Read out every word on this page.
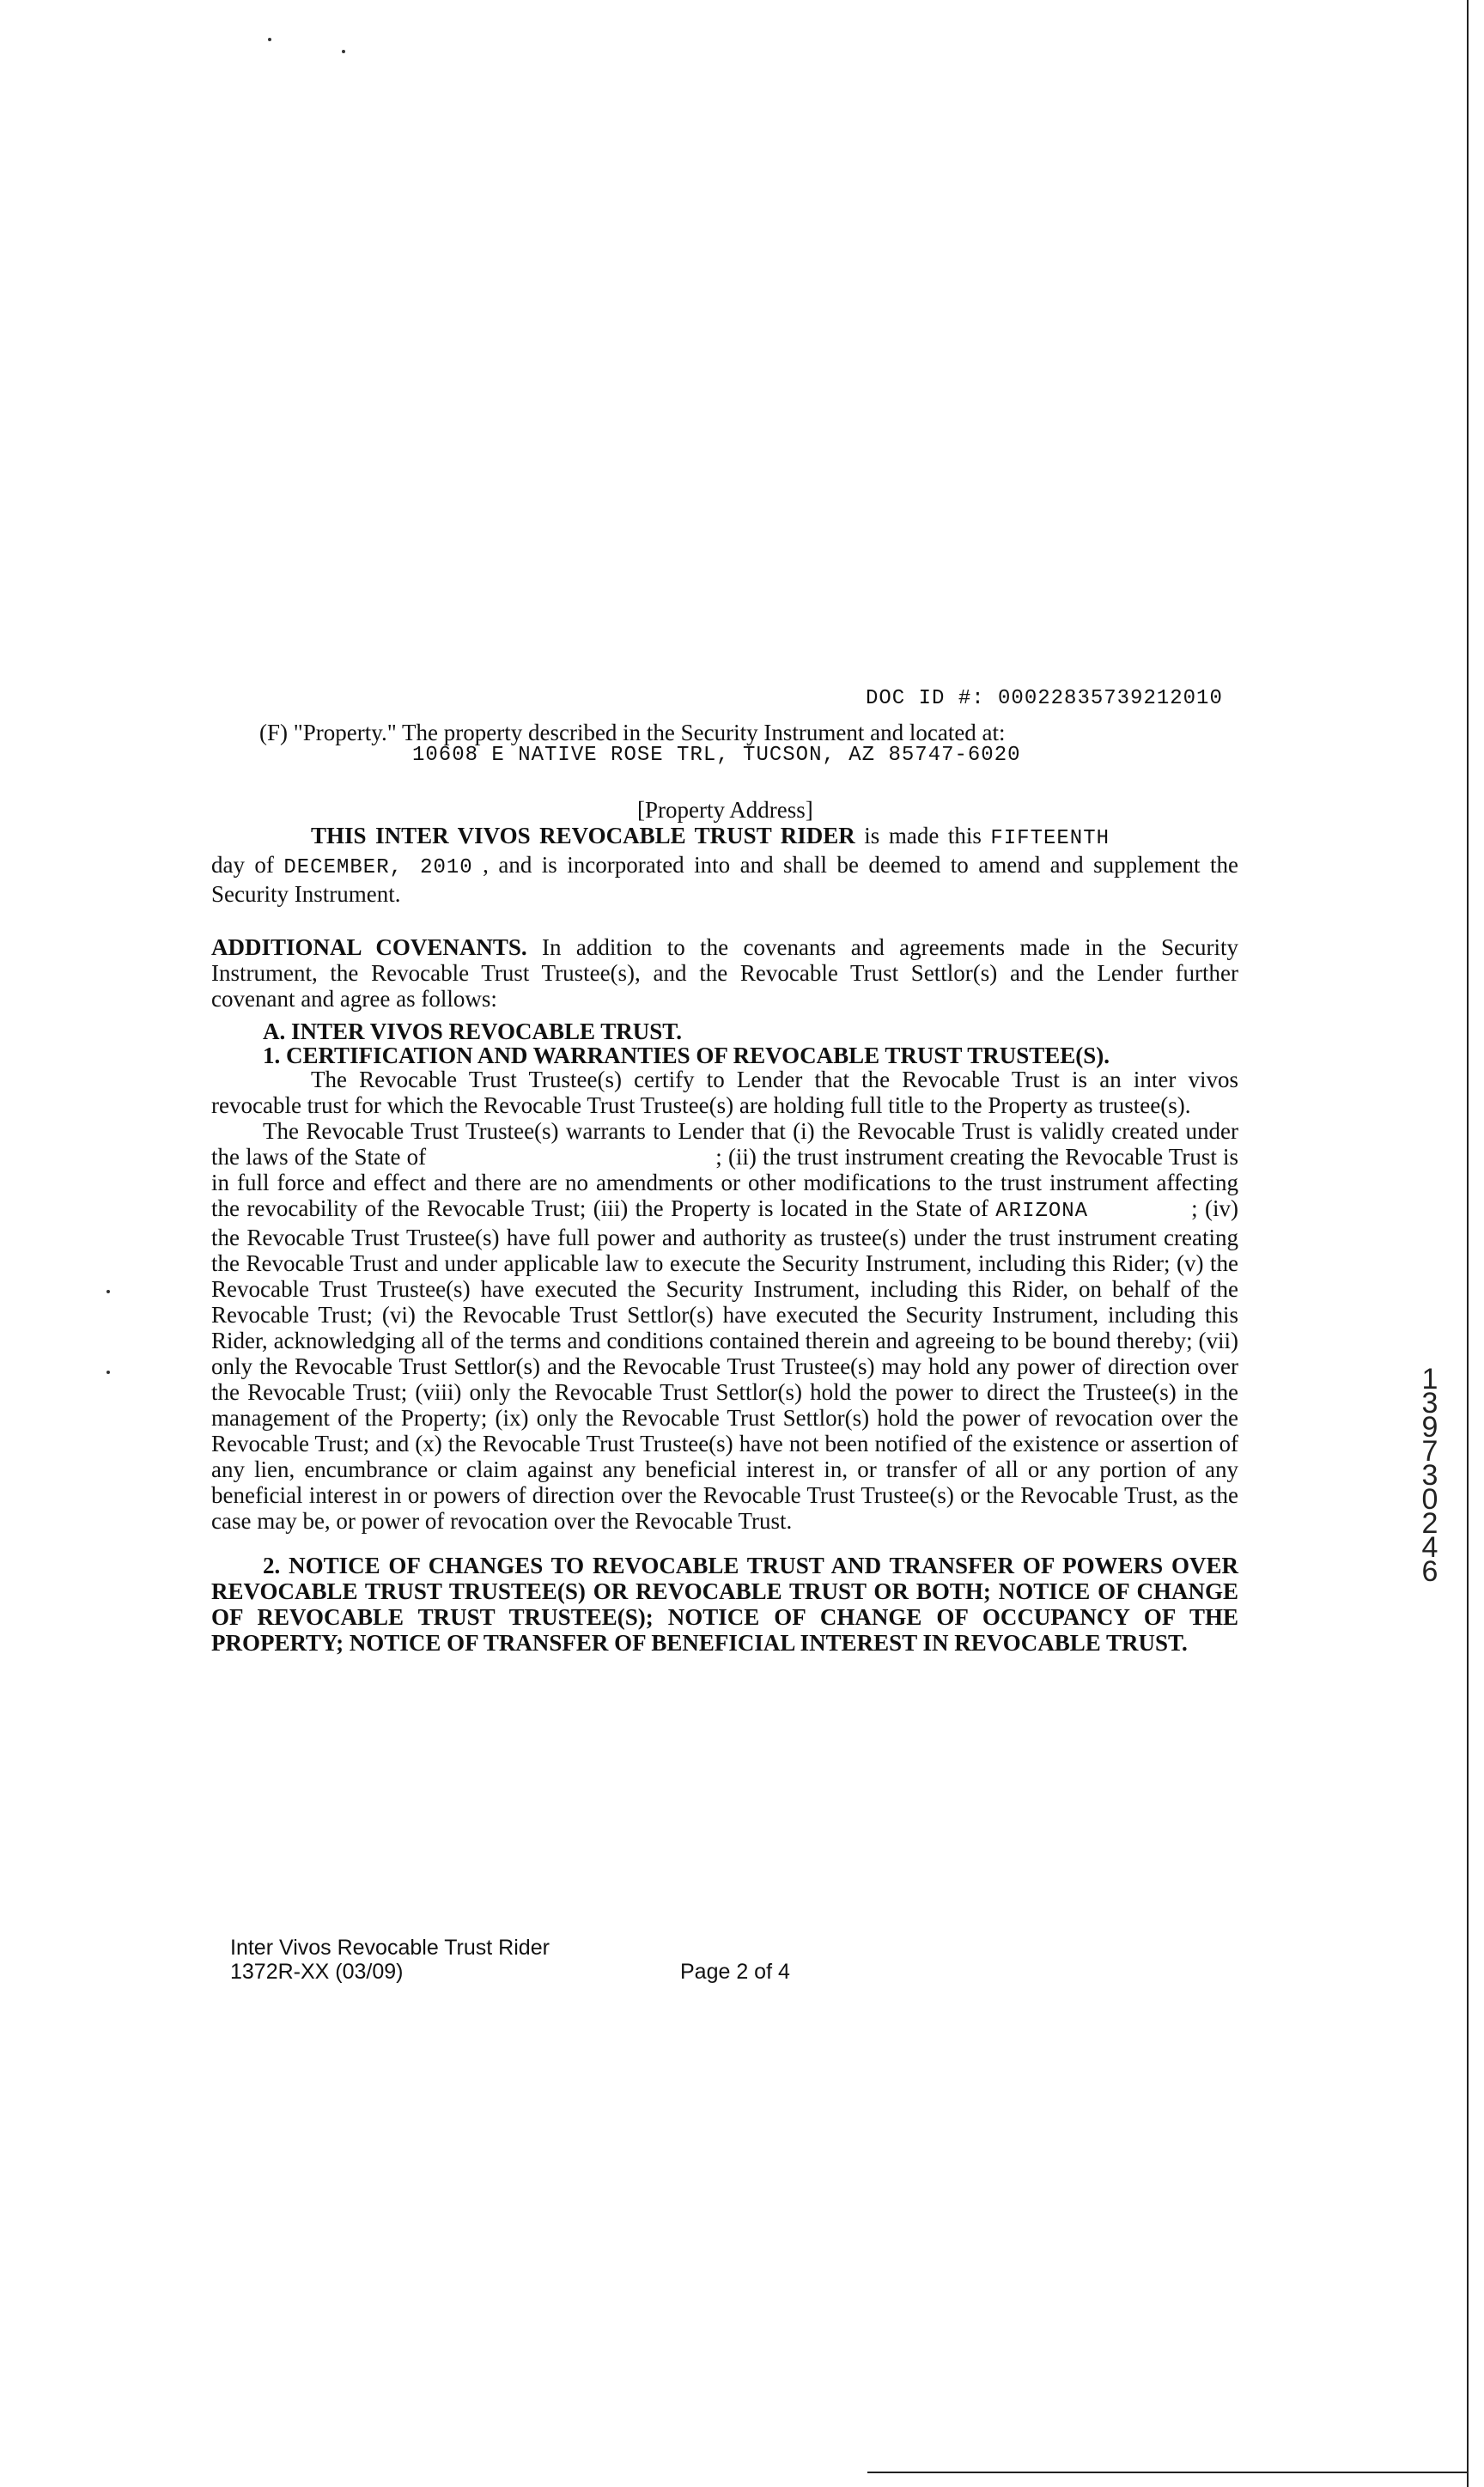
DOC ID #: 00022835739212010
(F) "Property." The property described in the Security Instrument and located at:
10608 E NATIVE ROSE TRL, TUCSON, AZ 85747-6020
[Property Address]
THIS INTER VIVOS REVOCABLE TRUST RIDER is made this FIFTEENTH day of DECEMBER, 2010 , and is incorporated into and shall be deemed to amend and supplement the Security Instrument.
ADDITIONAL COVENANTS. In addition to the covenants and agreements made in the Security Instrument, the Revocable Trust Trustee(s), and the Revocable Trust Settlor(s) and the Lender further covenant and agree as follows:
A. INTER VIVOS REVOCABLE TRUST.
1. CERTIFICATION AND WARRANTIES OF REVOCABLE TRUST TRUSTEE(S).
The Revocable Trust Trustee(s) certify to Lender that the Revocable Trust is an inter vivos revocable trust for which the Revocable Trust Trustee(s) are holding full title to the Property as trustee(s).
The Revocable Trust Trustee(s) warrants to Lender that (i) the Revocable Trust is validly created under the laws of the State of	; (ii) the trust instrument creating the Revocable Trust is in full force and effect and there are no amendments or other modifications to the trust instrument affecting the revocability of the Revocable Trust; (iii) the Property is located in the State of ARIZONA	; (iv) the Revocable Trust Trustee(s) have full power and authority as trustee(s) under the trust instrument creating the Revocable Trust and under applicable law to execute the Security Instrument, including this Rider; (v) the Revocable Trust Trustee(s) have executed the Security Instrument, including this Rider, on behalf of the Revocable Trust; (vi) the Revocable Trust Settlor(s) have executed the Security Instrument, including this Rider, acknowledging all of the terms and conditions contained therein and agreeing to be bound thereby; (vii) only the Revocable Trust Settlor(s) and the Revocable Trust Trustee(s) may hold any power of direction over the Revocable Trust; (viii) only the Revocable Trust Settlor(s) hold the power to direct the Trustee(s) in the management of the Property; (ix) only the Revocable Trust Settlor(s) hold the power of revocation over the Revocable Trust; and (x) the Revocable Trust Trustee(s) have not been notified of the existence or assertion of any lien, encumbrance or claim against any beneficial interest in, or transfer of all or any portion of any beneficial interest in or powers of direction over the Revocable Trust Trustee(s) or the Revocable Trust, as the case may be, or power of revocation over the Revocable Trust.
2. NOTICE OF CHANGES TO REVOCABLE TRUST AND TRANSFER OF POWERS OVER REVOCABLE TRUST TRUSTEE(S) OR REVOCABLE TRUST OR BOTH; NOTICE OF CHANGE OF REVOCABLE TRUST TRUSTEE(S); NOTICE OF CHANGE OF OCCUPANCY OF THE PROPERTY; NOTICE OF TRANSFER OF BENEFICIAL INTEREST IN REVOCABLE TRUST.
Inter Vivos Revocable Trust Rider
1372R-XX (03/09)	Page 2 of 4
13973 0246
